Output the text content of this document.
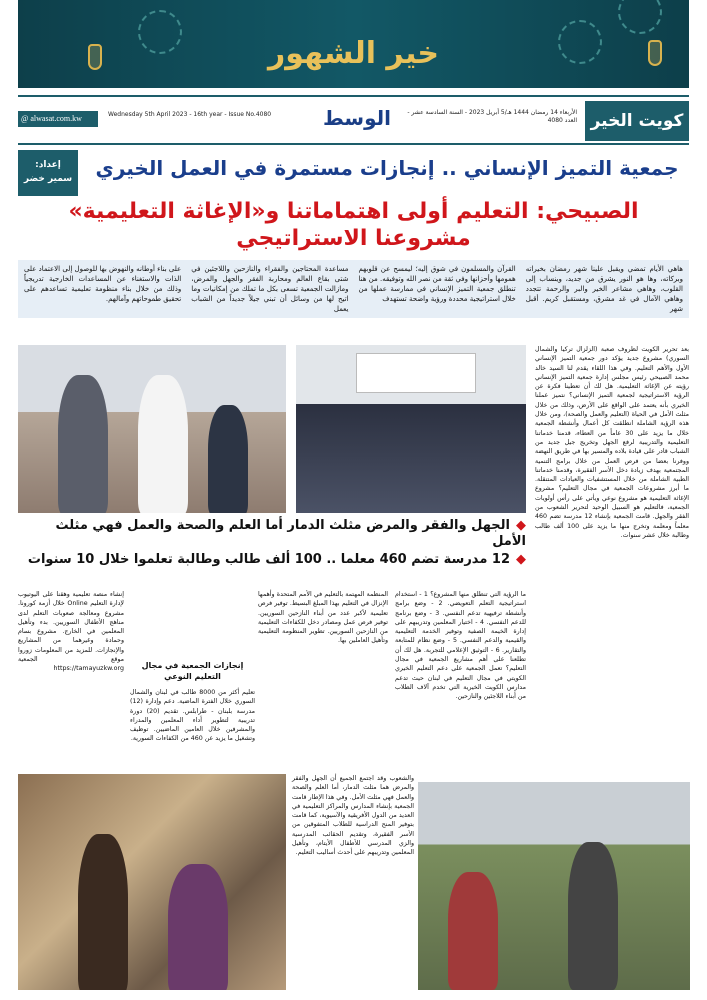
خير الشهور
كويت الخير
الأربعاء 14 رمضان 1444 هـ/5 أبريل 2023 - السنة السادسة عشر - العدد 4080
الوسط
Wednesday 5th April 2023 - 16th year - Issue No.4080
@ alwasat.com.kw
إعداد:
سمير خضر	جمعية التميز الإنساني .. إنجازات مستمرة في العمل الخيري
الصبيحي: التعليم أولى اهتماماتنا و«الإغاثة التعليمية» مشروعنا الاستراتيجي

هاهي الأيام تمضي ويقبل علينا شهر رمضان بخيراته وبركاته، وها هو النور يشرق من جديد، وينساب إلى القلوب، وهاهي مشاعر الخير والبر والرحمة تتجدد وهاهي الآمال في غد مشرق، ومستقبل كريم. أقبل شهر

القرآن والمسلمون في شوق إليه؛ ليمسح عن قلوبهم همومها وأحزانها وفي ثقة من نصر الله وتوفيقه. من هنا تنطلق جمعية التميز الإنساني في ممارسة عملها من خلال استراتيجية محددة ورؤية واضحة تستهدف

مساعدة المحتاجين والفقراء والنازحين واللاجئين في شتى بقاع العالم ومحاربة الفقر والجهل والمرض، ومازالت الجمعية تسعى بكل ما تملك من إمكانيات وما اتيح لها من وسائل أن تبني جيلاً جديداً من الشباب يعمل

على بناء أوطانه والنهوض بها للوصول إلى الاعتماد على الذات والاستغناء عن المساعدات الخارجية تدريجياً وذلك من خلال بناء منظومة تعليمية تساعدهم على تحقيق طموحاتهم وآمالهم.

بعد تحرير الكويت لظروف صعبة (الزلزال تركيا والشمال السوري) مشروع جديد يؤكد دور جمعية التميز الإنساني الأول والأهم التعليم. وفي هذا اللقاء يقدم لنا السيد خالد محمد الصبيحي رئيس مجلس إدارة جمعية التميز الإنساني رؤيته عن الإغاثة التعليمية. هل لك أن تعطينا فكرة عن الرؤية الاستراتيجية لجمعية التميز الإنساني؟ نتميز عملنا الخيري بأنه يعتمد على الواقع على الأرض، وذلك من خلال مثلث الأمل في الحياة (التعليم والعمل والصحة)، ومن خلال هذه الرؤية الشاملة انطلقت كل أعمال وأنشطة الجمعية خلال ما يزيد على 30 عاماً من العطاء، قدمنا خدماتنا التعليمية والتدريبية لرفع الجهل وتخريج جيل جديد من الشباب قادر على قيادة بلاده والمسير بها في طريق النهضة ووفرنا بعضا من فرص العمل من خلال برامج التنمية المجتمعية بهدف زيادة دخل الأسر الفقيرة، وقدمنا خدماتنا الطبية الشاملة من خلال المستشفيات والعيادات المتنقلة. ما أبرز مشروعات الجمعية في مجال التعليم؟ مشروع الإغاثة التعليمية هو مشروع نوعي ويأتي على رأس أولويات الجمعية، فالتعليم هو السبيل الوحيد لتحرير الشعوب من الفقر والجهل. قامت الجمعية بإنشاء 12 مدرسة تضم 460 معلماً ومعلمة وتخرج منها ما يزيد على 100 ألف طالب وطالبة خلال عشر سنوات.
◆الجهل والفقر والمرض مثلث الدمار أما العلم والصحة والعمل فهي مثلث الأمل
◆12 مدرسة تضم 460 معلما .. 100 ألف طالب وطالبة تعلموا خلال 10 سنوات
ما الرؤية التي تنطلق منها المشروع؟ 1 - استخدام استراتيجية التعلم التعويضي. 2 - وضع برامج وأنشطة ترفيهية تدعم النفسي. 3 - وضع برنامج للدعم النفسي. 4 - اختيار المعلمين وتدريبهم على إدارة الخيمة الصفية وتوفير الخدمة التعليمية والقيمية والدعم النفسي. 5 - وضع نظام للمتابعة والتقارير. 6 - التوثيق الإعلامي للتجربة. هل لك أن تطلعنا على أهم مشاريع الجمعية في مجال التعليم؟ تعمل الجمعية على دعم التعليم الخيري الكويتي في مجال التعليم في لبنان حيث تدعم مدارس الكويت الخيرية التي تخدم آلاف الطلاب من أبناء اللاجئين والنازحين.
المنظمة المهتمة بالتعليم في الأمم المتحدة وأهمها الإنزال في التعليم بهذا المبلغ البسيط. توفير فرص تعليمية لأكبر عدد من أبناء النازحين السوريين. توفير فرص عمل ومصادر دخل للكفاءات التعليمية من النازحين السوريين. تطوير المنظومة التعليمية وتأهيل العاملين بها.
إنجازات الجمعية في مجال التعليم النوعي
تعليم أكثر من 8000 طالب في لبنان والشمال السوري خلال الفترة الماضية. دعم وإدارة (12) مدرسة بلبنان - طرابلس. تقديم (20) دورة تدريبية لتطوير أداء المعلمين والمدراء والمشرفين خلال العامين الماضيين. توظيف وتشغيل ما يزيد عن 460 من الكفاءات السورية.
إنشاء منصة تعليمية وهقنا على اليوتيوب لإدارة التعليم Online خلال أزمة كورونا. مشروع ومعالجة صعوبات التعلم لدى مناهج الأطفال السوريين. بدء وتأهيل المعلمين في الخارج. مشروع بسام وحمادة وغيرهما من المشاريع والإنجازات. للمزيد من المعلومات زوروا موقع الجمعية https://tamayuzkw.org
والشعوب وقد اجتمع الجميع أن الجهل والفقر والمرض هما مثلث الدمار، أما العلم والصحة والعمل فهي مثلث الأمل. وفي هذا الإطار قامت الجمعية بإنشاء المدارس والمراكز التعليمية في العديد من الدول الأفريقية والآسيوية، كما قامت بتوفير المنح الدراسية للطلاب المتفوقين من الأسر الفقيرة، وتقديم الحقائب المدرسية والزي المدرسي للأطفال الأيتام، وتأهيل المعلمين وتدريبهم على أحدث أساليب التعليم.
